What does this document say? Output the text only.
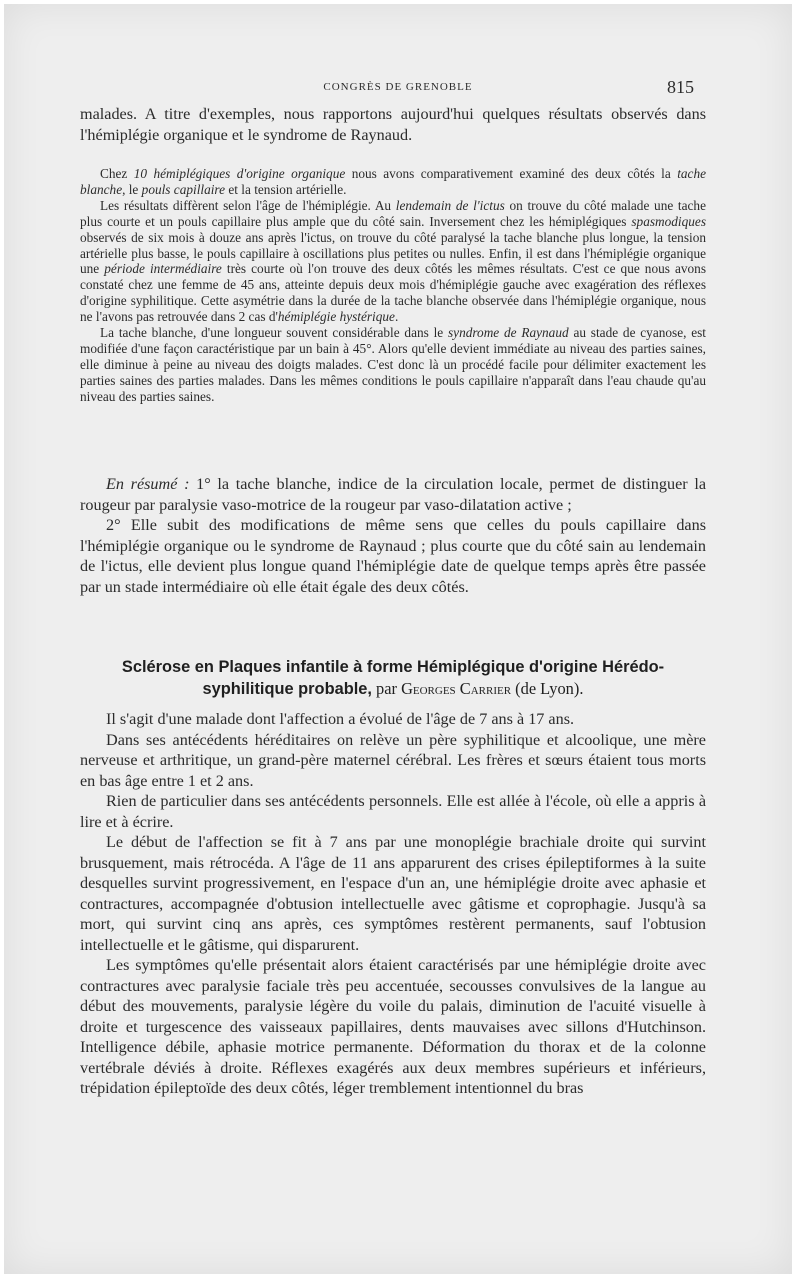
CONGRÈS DE GRENOBLE	815

malades. A titre d'exemples, nous rapportons aujourd'hui quelques résultats observés dans l'hémiplégie organique et le syndrome de Raynaud.

Chez 10 hémiplégiques d'origine organique nous avons comparativement examiné des deux côtés la tache blanche, le pouls capillaire et la tension artérielle.

Les résultats diffèrent selon l'âge de l'hémiplégie. Au lendemain de l'ictus on trouve du côté malade une tache plus courte et un pouls capillaire plus ample que du côté sain. Inversement chez les hémiplégiques spasmodiques observés de six mois à douze ans après l'ictus, on trouve du côté paralysé la tache blanche plus longue, la tension artérielle plus basse, le pouls capillaire à oscillations plus petites ou nulles. Enfin, il est dans l'hémiplégie organique une période intermédiaire très courte où l'on trouve des deux côtés les mêmes résultats. C'est ce que nous avons constaté chez une femme de 45 ans, atteinte depuis deux mois d'hémiplégie gauche avec exagération des réflexes d'origine syphilitique. Cette asymétrie dans la durée de la tache blanche observée dans l'hémiplégie organique, nous ne l'avons pas retrouvée dans 2 cas d'hémiplégie hystérique.

La tache blanche, d'une longueur souvent considérable dans le syndrome de Raynaud au stade de cyanose, est modifiée d'une façon caractéristique par un bain à 45°. Alors qu'elle devient immédiate au niveau des parties saines, elle diminue à peine au niveau des doigts malades. C'est donc là un procédé facile pour délimiter exactement les parties saines des parties malades. Dans les mêmes conditions le pouls capillaire n'apparaît dans l'eau chaude qu'au niveau des parties saines.

En résumé : 1° la tache blanche, indice de la circulation locale, permet de distinguer la rougeur par paralysie vaso-motrice de la rougeur par vaso-dilatation active ;

2° Elle subit des modifications de même sens que celles du pouls capillaire dans l'hémiplégie organique ou le syndrome de Raynaud ; plus courte que du côté sain au lendemain de l'ictus, elle devient plus longue quand l'hémiplégie date de quelque temps après être passée par un stade intermédiaire où elle était égale des deux côtés.

Sclérose en Plaques infantile à forme Hémiplégique d'origine Hérédo-syphilitique probable, par Georges Carrier (de Lyon).

Il s'agit d'une malade dont l'affection a évolué de l'âge de 7 ans à 17 ans.

Dans ses antécédents héréditaires on relève un père syphilitique et alcoolique, une mère nerveuse et arthritique, un grand-père maternel cérébral. Les frères et sœurs étaient tous morts en bas âge entre 1 et 2 ans.

Rien de particulier dans ses antécédents personnels. Elle est allée à l'école, où elle a appris à lire et à écrire.

Le début de l'affection se fit à 7 ans par une monoplégie brachiale droite qui survint brusquement, mais rétrocéda. A l'âge de 11 ans apparurent des crises épileptiformes à la suite desquelles survint progressivement, en l'espace d'un an, une hémiplégie droite avec aphasie et contractures, accompagnée d'obtusion intellectuelle avec gâtisme et coprophagie. Jusqu'à sa mort, qui survint cinq ans après, ces symptômes restèrent permanents, sauf l'obtusion intellectuelle et le gâtisme, qui disparurent.

Les symptômes qu'elle présentait alors étaient caractérisés par une hémiplégie droite avec contractures avec paralysie faciale très peu accentuée, secousses convulsives de la langue au début des mouvements, paralysie légère du voile du palais, diminution de l'acuité visuelle à droite et turgescence des vaisseaux papillaires, dents mauvaises avec sillons d'Hutchinson. Intelligence débile, aphasie motrice permanente. Déformation du thorax et de la colonne vertébrale déviés à droite. Réflexes exagérés aux deux membres supérieurs et inférieurs, trépidation épileptoïde des deux côtés, léger tremblement intentionnel du bras
